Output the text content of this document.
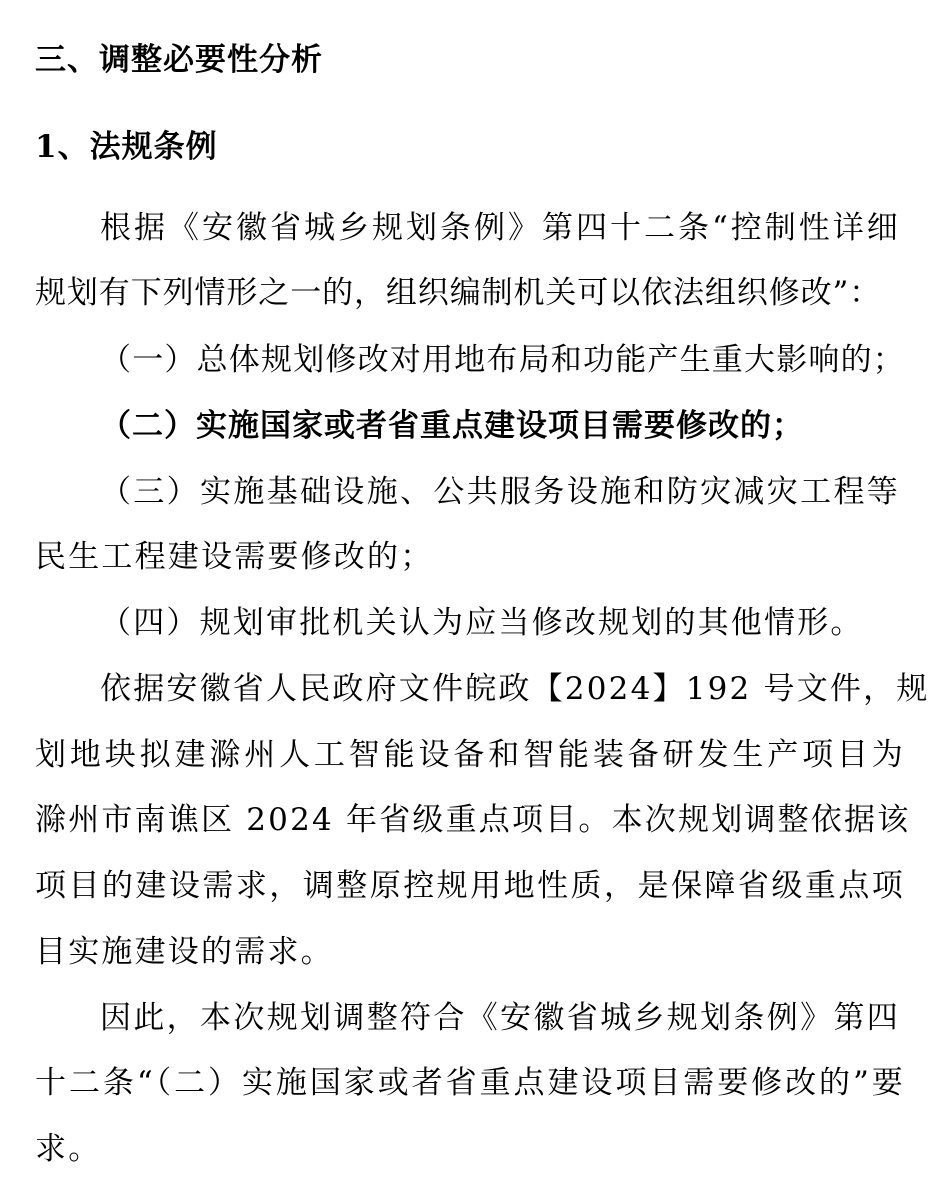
三、调整必要性分析
1、法规条例
根据《安徽省城乡规划条例》第四十二条“控制性详细
规划有下列情形之一的，组织编制机关可以依法组织修改”：
（一）总体规划修改对用地布局和功能产生重大影响的；
（二）实施国家或者省重点建设项目需要修改的；
（三）实施基础设施、公共服务设施和防灾减灾工程等
民生工程建设需要修改的；
（四）规划审批机关认为应当修改规划的其他情形。
依据安徽省人民政府文件皖政【2024】192 号文件，规
划地块拟建滁州人工智能设备和智能装备研发生产项目为
滁州市南谯区 2024 年省级重点项目。本次规划调整依据该
项目的建设需求，调整原控规用地性质，是保障省级重点项
目实施建设的需求。
因此，本次规划调整符合《安徽省城乡规划条例》第四
十二条“（二）实施国家或者省重点建设项目需要修改的”要
求。
